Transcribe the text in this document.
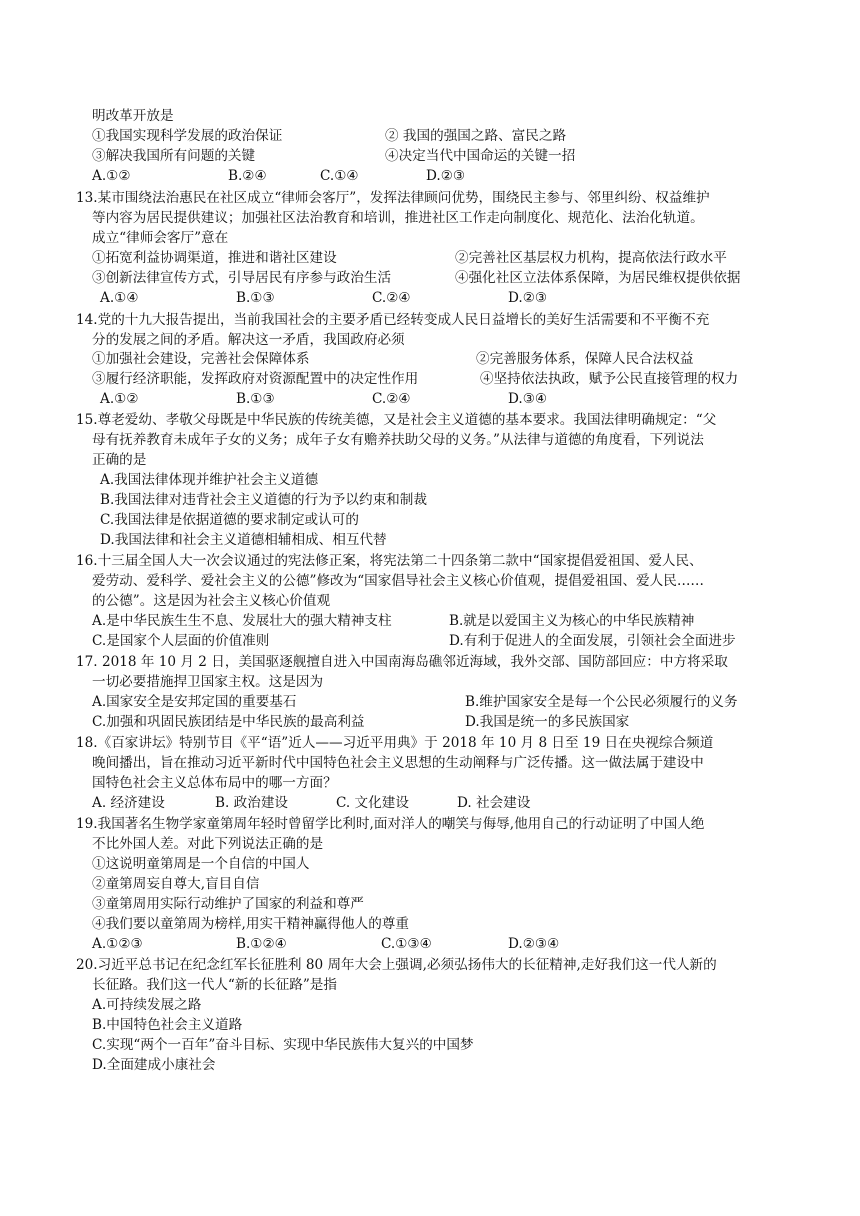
明改革开放是
①我国实现科学发展的政治保证	② 我国的强国之路、富民之路
③解决我国所有问题的关键	④决定当代中国命运的关键一招
A.①②	B.②④	C.①④	D.②③
13.某市围绕法治惠民在社区成立“律师会客厅”，发挥法律顾问优势，围绕民主参与、邻里纠纷、权益维护
等内容为居民提供建议；加强社区法治教育和培训，推进社区工作走向制度化、规范化、法治化轨道。
成立“律师会客厅”意在
①拓宽利益协调渠道，推进和谐社区建设	②完善社区基层权力机构，提高依法行政水平
③创新法律宣传方式，引导居民有序参与政治生活	④强化社区立法体系保障，为居民维权提供依据
A.①④	B.①③	C.②④	D.②③
14.党的十九大报告提出，当前我国社会的主要矛盾已经转变成人民日益增长的美好生活需要和不平衡不充
分的发展之间的矛盾。解决这一矛盾，我国政府必须
①加强社会建设，完善社会保障体系	②完善服务体系，保障人民合法权益
③履行经济职能，发挥政府对资源配置中的决定性作用	④坚持依法执政，赋予公民直接管理的权力
A.①②	B.①③	C.②④	D.③④
15.尊老爱幼、孝敬父母既是中华民族的传统美德，又是社会主义道德的基本要求。我国法律明确规定：“父
母有抚养教育未成年子女的义务；成年子女有赡养扶助父母的义务。”从法律与道德的角度看，下列说法
正确的是
A.我国法律体现并维护社会主义道德
B.我国法律对违背社会主义道德的行为予以约束和制裁
C.我国法律是依据道德的要求制定或认可的
D.我国法律和社会主义道德相辅相成、相互代替
16.十三届全国人大一次会议通过的宪法修正案，将宪法第二十四条第二款中“国家提倡爱祖国、爱人民、
爱劳动、爱科学、爱社会主义的公德”修改为“国家倡导社会主义核心价值观，提倡爱祖国、爱人民……
的公德”。这是因为社会主义核心价值观
A.是中华民族生生不息、发展壮大的强大精神支柱	B.就是以爱国主义为核心的中华民族精神
C.是国家个人层面的价值准则	D.有利于促进人的全面发展，引领社会全面进步
17. 2018 年 10 月 2 日，美国驱逐舰擅自进入中国南海岛礁邻近海域，我外交部、国防部回应：中方将采取
一切必要措施捍卫国家主权。这是因为
A.国家安全是安邦定国的重要基石	B.维护国家安全是每一个公民必须履行的义务
C.加强和巩固民族团结是中华民族的最高利益	D.我国是统一的多民族国家
18.《百家讲坛》特别节目《平“语”近人——习近平用典》于 2018 年 10 月 8 日至 19 日在央视综合频道
晚间播出，旨在推动习近平新时代中国特色社会主义思想的生动阐释与广泛传播。这一做法属于建设中
国特色社会主义总体布局中的哪一方面？
A. 经济建设	B. 政治建设	C. 文化建设	D. 社会建设
19.我国著名生物学家童第周年轻时曾留学比利时,面对洋人的嘲笑与侮辱,他用自己的行动证明了中国人绝
不比外国人差。对此下列说法正确的是
①这说明童第周是一个自信的中国人
②童第周妄自尊大,盲目自信
③童第周用实际行动维护了国家的利益和尊严
④我们要以童第周为榜样,用实干精神赢得他人的尊重
A.①②③	B.①②④	C.①③④	D.②③④
20.习近平总书记在纪念红军长征胜利 80 周年大会上强调,必须弘扬伟大的长征精神,走好我们这一代人新的
长征路。我们这一代人“新的长征路”是指
A.可持续发展之路
B.中国特色社会主义道路
C.实现“两个一百年”奋斗目标、实现中华民族伟大复兴的中国梦
D.全面建成小康社会
